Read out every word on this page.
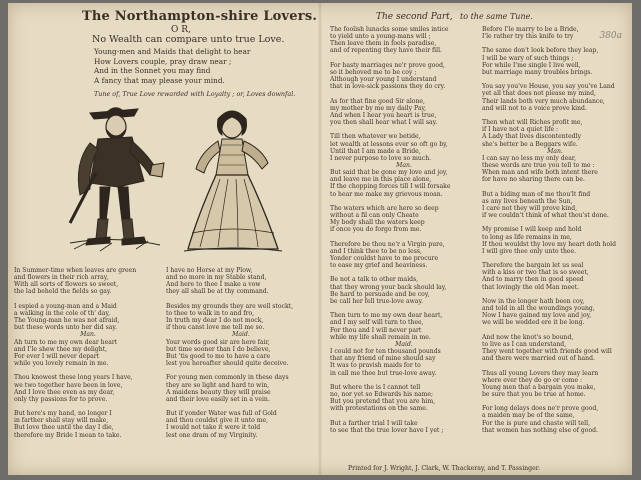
380a
The Northampton-shire Lovers.
O R,
No Wealth can compare unto true Love.
Young-men and Maids that delight to hear
How Lovers couple, pray draw near ;
And in the Sonnet you may find
A fancy that may please your mind.
Tune of, True Love rewarded with Loyalty ; or, Loves downfal.
In Summer-time when leaves are green
and flowers in their rich array,
With all sorts of flowers so sweet,
the lad beheld the fields so gay.

I espied a young-man and a Maid
a walking in the cole of th' day,
The Young-man he was not afraid,
but these words unto her did say.
Man.
Ah turn to me my own dear heart
and I'le shew thee my delight,
For ever I will never depart
while you lovely remain in me.

Thou knowest these long years I have,
we two together have been in love,
And I love thee even as my dear,
only thy passions for to prove.

But here's my hand, no longer I
in farther shall stay will make,
But love thee until the day I die,
therefore my Bride I mean to take.
I have no Horse at my Plow,
and no more in my Stable stand,
And here to thee I make a vow
they all shall be at thy command.

Besides my grounds they are well stockt,
to thee to walk in to and fro,
In truth my dear I do not mock,
if thou canst love me tell me so.
Maid.
Your words good sir are here fair,
but time sooner than I do believe,
But 'tis good to me to have a care
lest you hereafter should quite deceive.

For young men commonly in these days
they are so light and hard to win,
A maidens beauty they will praise
and their love easily set in a vein.

But if yonder Water was full of Gold
and thou couldst give it unto me,
I would not take it were it told
lest one dram of my Virginity.
The second Part, to the same Tune.
The foolish lunacks some smiles intice
to yield unto a young-mans will ;
Then leave them in fools paradise,
and of repenting they have their fill.

For hasty marriages ne'r prove good,
so it behoved me to be coy ;
Although your young I understand
that in love-sick passions they do cry.

As for that fine good Sir alone,
my mother by me my daily Pay,
And when I hear you heart is true,
you then shall hear what I will say.

Till then whatever we betide,
let wealth at lessons ever so oft go by,
Until that I am made a Bride,
I never purpose to love so much.
Man.
But said that be gone my love and joy,
and leave me in this place alone,
If the chopping forces till I will forsake
to hear me make my grievous moan.

The waters which are here so deep
without a fil can only Cheate
My body shall the waters keep
if once you do forgo from me.

Therefore be thou ne'r a Virgin pure,
and I think thee to be no less,
Yonder couldst have to me procure
to ease my grief and heaviness.

Be not a talk to other maids,
that they wrong your back should lay,
Be hard to persuade and be coy,
be call her fell true-love away.

Then turn to me my own dear heart,
and I my self will turn to thee,
For thou and I will never part
while my life shall remain in me.
Maid.
I could not for ten thousand pounds
that any friend of mine should say
It was to pravish maids for to
in call me thee but true-love away.

But where the is I cannot tell
no, nor yet so Edwards his name;
But you pretend that you are him,
with protestations on the same.

But a farther trial I will take
to see that the true lover have I yet ;
Before I'le marry to be a Bride,
I'le rather try this knife to try

The same don't look before they leap,
I will be wary of such things ;
For while I'me single I live well,
but marriage many troubles brings.

You say you've House, you say you've Land
yet all that does not please my mind,
Their lands both very much abundance,
and will not to a voice prove kind.

Then what will Riches profit me,
if I have not a quiet life :
A Lady that lives discontentedly
she's better be a Beggars wife.
Man.
I can say no less my only dear,
these words are true you tell to me :
When man and wife both intent there
for have no sharing there can be.

But a biding man of me thou'lt find
as any lives beneath the Sun,
I care not they will prove kind,
if we couldn't think of what thou'st done.

My promise I will keep and hold
to long as life remains in me,
If thou wouldst thy love my heart doth hold
I will give thee only unto thee.

Therefore the bargain let us seal
with a kiss or two that is so sweet,
And to marry then in good speed
that lovingly the old Man meet.

Now in the longer hath been coy,
and told in all the woundings young,
Now I have gained my love and joy,
we will be wedded ere it be long.

And now the knot's so bound,
to live as I can understand,
They went together with friends good will
and there were married out of hand.

Thus all young Lovers they may learn
where ever they do go or come :
Young men that a bargain you make,
be sure that you be true at home.

For long delays does ne'r prove good,
a maiden may be of the same,
For the is pure and chaste will tell,
that women has nothing else of good.
Printed for J. Wright, J. Clark, W. Thackeray, and T. Passinger.
